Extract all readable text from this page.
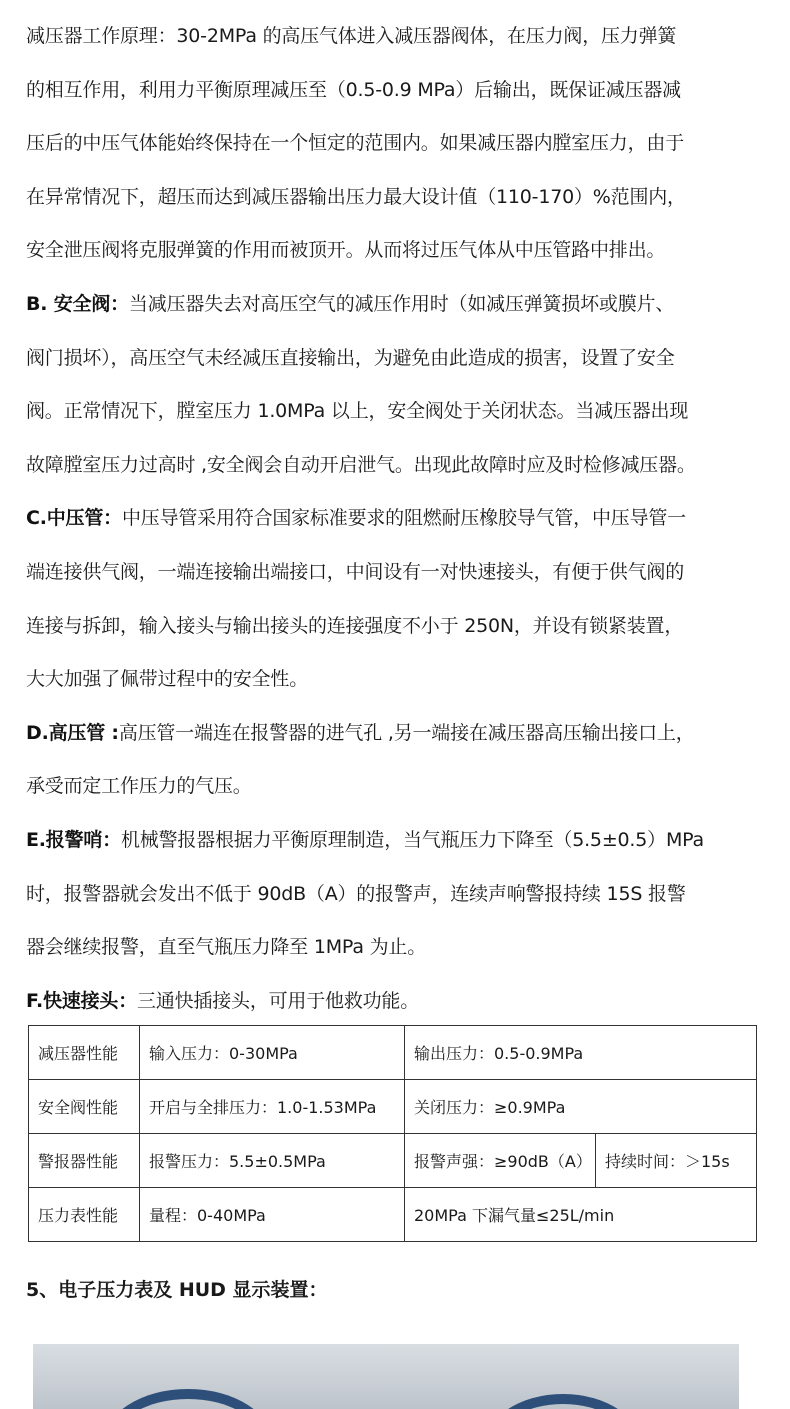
减压器工作原理：30-2MPa 的高压气体进入减压器阀体，在压力阀，压力弹簧
的相互作用，利用力平衡原理减压至（0.5-0.9 MPa）后输出，既保证减压器减
压后的中压气体能始终保持在一个恒定的范围内。如果减压器内膛室压力，由于
在异常情况下，超压而达到减压器输出压力最大设计值（110-170）%范围内，
安全泄压阀将克服弹簧的作用而被顶开。从而将过压气体从中压管路中排出。
B. 安全阀：当减压器失去对高压空气的减压作用时（如减压弹簧损坏或膜片、
阀门损坏），高压空气未经减压直接输出，为避免由此造成的损害，设置了安全
阀。正常情况下，膛室压力 1.0MPa 以上，安全阀处于关闭状态。当减压器出现
故障膛室压力过高时 ,安全阀会自动开启泄气。出现此故障时应及时检修减压器。
C.中压管：中压导管采用符合国家标准要求的阻燃耐压橡胶导气管，中压导管一
端连接供气阀，一端连接输出端接口，中间设有一对快速接头，有便于供气阀的
连接与拆卸，输入接头与输出接头的连接强度不小于 250N，并设有锁紧装置，
大大加强了佩带过程中的安全性。
D.高压管 :高压管一端连在报警器的进气孔 ,另一端接在减压器高压输出接口上，
承受而定工作压力的气压。
E.报警哨：机械警报器根据力平衡原理制造，当气瓶压力下降至（5.5±0.5）MPa
时，报警器就会发出不低于 90dB（A）的报警声，连续声响警报持续 15S 报警
器会继续报警，直至气瓶压力降至 1MPa 为止。
F.快速接头：三通快插接头，可用于他救功能。
减压器性能	输入压力：0-30MPa	输出压力：0.5-0.9MPa	
安全阀性能	开启与全排压力：1.0-1.53MPa	关闭压力：≥0.9MPa	
警报器性能	报警压力：5.5±0.5MPa	报警声强：≥90dB（A）	持续时间：＞15s
压力表性能	量程：0-40MPa	20MPa 下漏气量≤25L/min	
5、电子压力表及 HUD 显示装置：
